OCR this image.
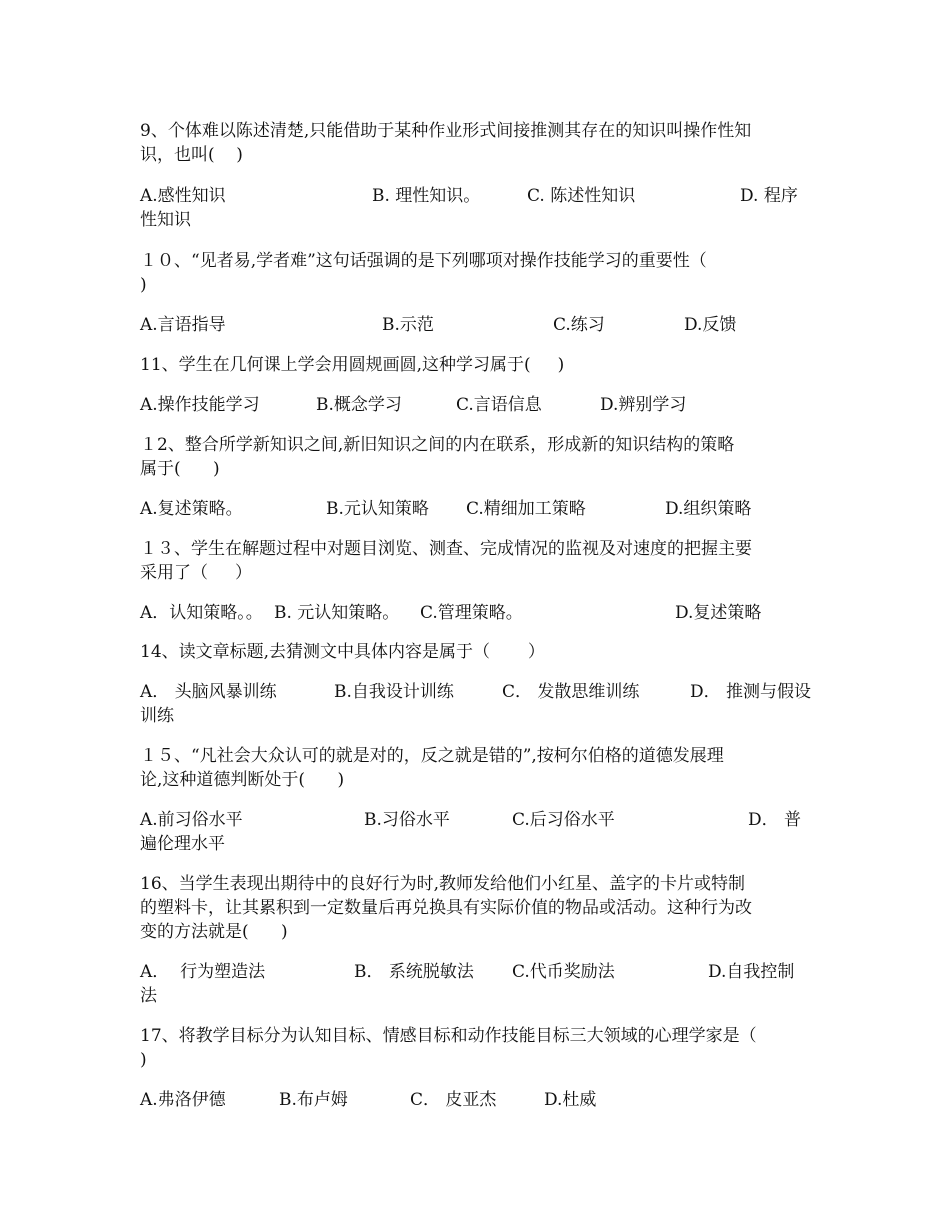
9、个体难以陈述清楚,只能借助于某种作业形式间接推测其存在的知识叫操作性知
识，也叫(    )
A.感性知识	B. 理性知识。	C. 陈述性知识	D. 程序
性知识
１０、“见者易,学者难”这句话强调的是下列哪项对操作技能学习的重要性（
)
A.言语指导	B.示范	C.练习	D.反馈
11、学生在几何课上学会用圆规画圆,这种学习属于(     )
A.操作技能学习	B.概念学习	C.言语信息	D.辨别学习
１2、整合所学新知识之间,新旧知识之间的内在联系，形成新的知识结构的策略
属于(      )
A.复述策略。	B.元认知策略 C.精细加工策略	D.组织策略
１３、学生在解题过程中对题目浏览、测查、完成情况的监视及对速度的把握主要
采用了（     ）
A．认知策略。。 B. 元认知策略。 C.管理策略。	D.复述策略
14、读文章标题,去猜测文中具体内容是属于（       ）
A． 头脑风暴训练	B.自我设计训练	C． 发散思维训练	D． 推测与假设
训练
１５、“凡社会大众认可的就是对的，反之就是错的”,按柯尔伯格的道德发展理
论,这种道德判断处于(      )
A.前习俗水平	B.习俗水平	C.后习俗水平	D． 普
遍伦理水平
16、当学生表现出期待中的良好行为时,教师发给他们小红星、盖字的卡片或特制
的塑料卡，让其累积到一定数量后再兑换具有实际价值的物品或活动。这种行为改
变的方法就是(      )
A．  行为塑造法	B． 系统脱敏法 C.代币奖励法	D.自我控制
法
17、将教学目标分为认知目标、情感目标和动作技能目标三大领域的心理学家是（
)
A.弗洛伊德	B.布卢姆	C． 皮亚杰	D.杜威
